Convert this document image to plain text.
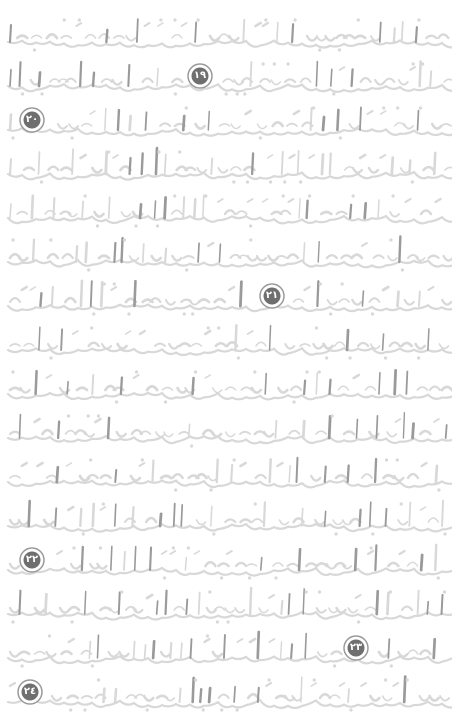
١٩
٢٠
٢١
٢٢
٢٣
٢٤
